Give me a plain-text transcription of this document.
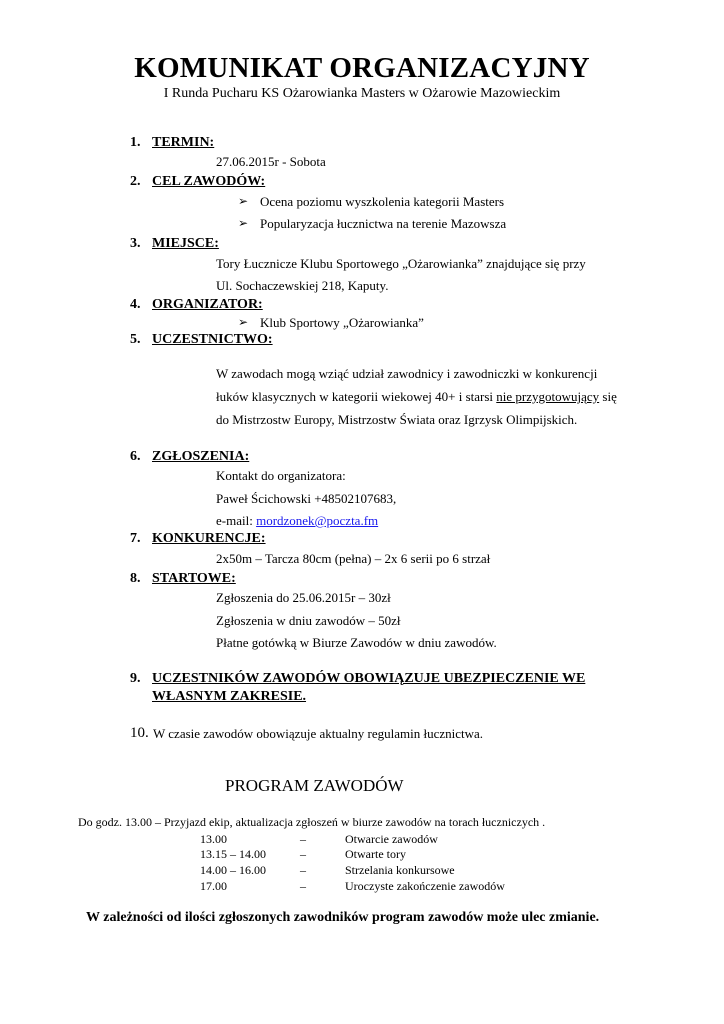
KOMUNIKAT ORGANIZACYJNY
I Runda Pucharu KS Ożarowianka Masters w Ożarowie Mazowieckim
1. TERMIN:
27.06.2015r - Sobota
2. CEL ZAWODÓW:
➢ Ocena poziomu wyszkolenia kategorii Masters
➢ Popularyzacja łucznictwa na terenie Mazowsza
3. MIEJSCE:
Tory Łucznicze Klubu Sportowego „Ożarowianka” znajdujące się przy
Ul. Sochaczewskiej 218, Kaputy.
4. ORGANIZATOR:
➢ Klub Sportowy „Ożarowianka”
5. UCZESTNICTWO:
W zawodach mogą wziąć udział zawodnicy i zawodniczki w konkurencji
łuków klasycznych w kategorii wiekowej 40+ i starsi nie przygotowujący się
do Mistrzostw Europy, Mistrzostw Świata oraz Igrzysk Olimpijskich.
6. ZGŁOSZENIA:
Kontakt do organizatora:
Paweł Ścichowski +48502107683,
e-mail: mordzonek@poczta.fm
7. KONKURENCJE:
2x50m – Tarcza 80cm (pełna) – 2x 6 serii po 6 strzał
8. STARTOWE:
Zgłoszenia do 25.06.2015r – 30zł
Zgłoszenia w dniu zawodów – 50zł
Płatne gotówką w Biurze Zawodów w dniu zawodów.
9. UCZESTNIKÓW ZAWODÓW OBOWIĄZUJE UBEZPIECZENIE WE
WŁASNYM ZAKRESIE.
10. W czasie zawodów obowiązuje aktualny regulamin łucznictwa.
PROGRAM ZAWODÓW
Do godz. 13.00 – Przyjazd ekip, aktualizacja zgłoszeń w biurze zawodów na torach łuczniczych .
13.00	–	Otwarcie zawodów
13.15 – 14.00	–	Otwarte tory
14.00 – 16.00	–	Strzelania konkursowe
17.00	–	Uroczyste zakończenie zawodów
W zależności od ilości zgłoszonych zawodników program zawodów może ulec zmianie.
